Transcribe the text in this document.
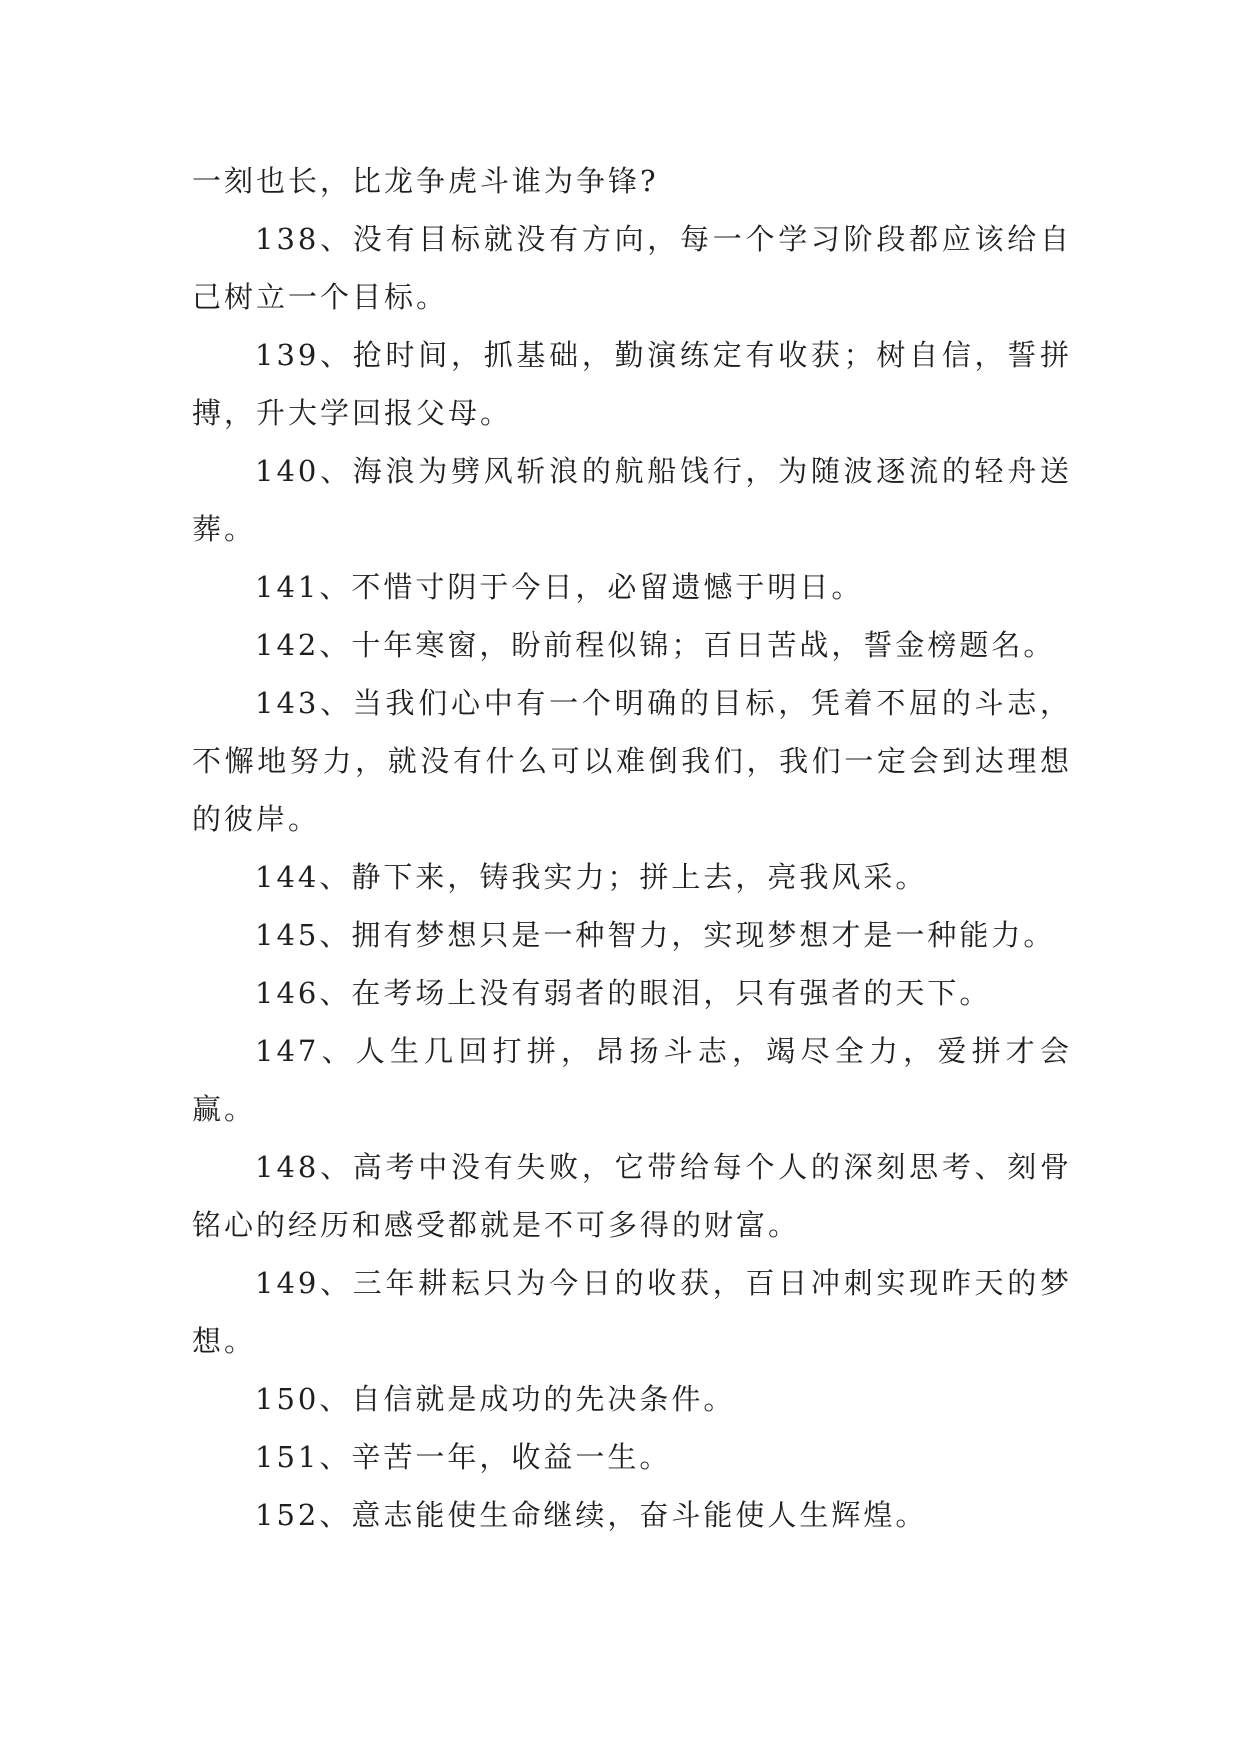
一刻也长，比龙争虎斗谁为争锋?

138、没有目标就没有方向，每一个学习阶段都应该给自己树立一个目标。

139、抢时间，抓基础，勤演练定有收获；树自信，誓拼搏，升大学回报父母。

140、海浪为劈风斩浪的航船饯行，为随波逐流的轻舟送葬。

141、不惜寸阴于今日，必留遗憾于明日。

142、十年寒窗，盼前程似锦；百日苦战，誓金榜题名。

143、当我们心中有一个明确的目标，凭着不屈的斗志，不懈地努力，就没有什么可以难倒我们，我们一定会到达理想的彼岸。

144、静下来，铸我实力；拼上去，亮我风采。

145、拥有梦想只是一种智力，实现梦想才是一种能力。

146、在考场上没有弱者的眼泪，只有强者的天下。

147、人生几回打拼，昂扬斗志，竭尽全力，爱拼才会赢。

148、高考中没有失败，它带给每个人的深刻思考、刻骨铭心的经历和感受都就是不可多得的财富。

149、三年耕耘只为今日的收获，百日冲刺实现昨天的梦想。

150、自信就是成功的先决条件。

151、辛苦一年，收益一生。

152、意志能使生命继续，奋斗能使人生辉煌。
